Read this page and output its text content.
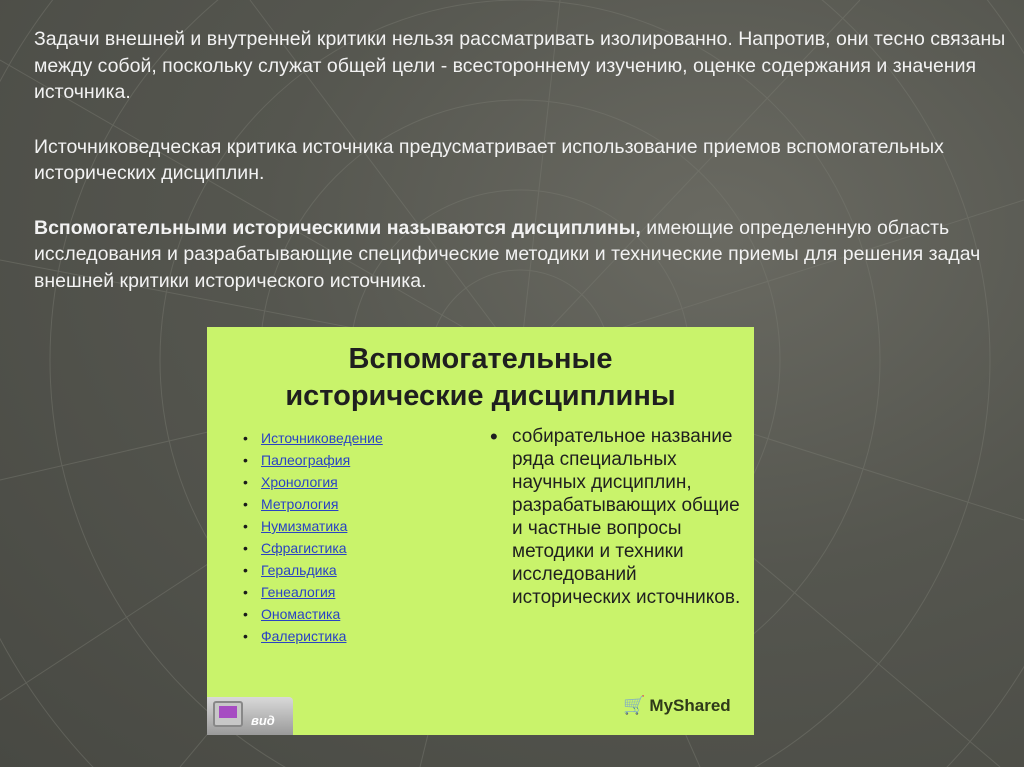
Задачи внешней и внутренней критики нельзя рассматривать изолированно. Напротив, они тесно связаны между собой, поскольку служат общей цели - всестороннему изучению, оценке содержания и значения источника.

Источниковедческая критика источника предусматривает использование приемов вспомогательных исторических дисциплин.

Вспомогательными историческими называются дисциплины, имеющие определенную область исследования и разрабатывающие специфические методики и технические приемы для решения задач внешней критики исторического источника.

Вспомогательные
исторические дисциплины
• Источниковедение
• Палеография
• Хронология
• Метрология
• Нумизматика
• Сфрагистика
• Геральдика
• Генеалогия
• Ономастика
• Фалеристика
• собирательное название ряда специальных научных дисциплин, разрабатывающих общие и частные вопросы методики и техники исследований исторических источников.
вид
🛒 MyShared
